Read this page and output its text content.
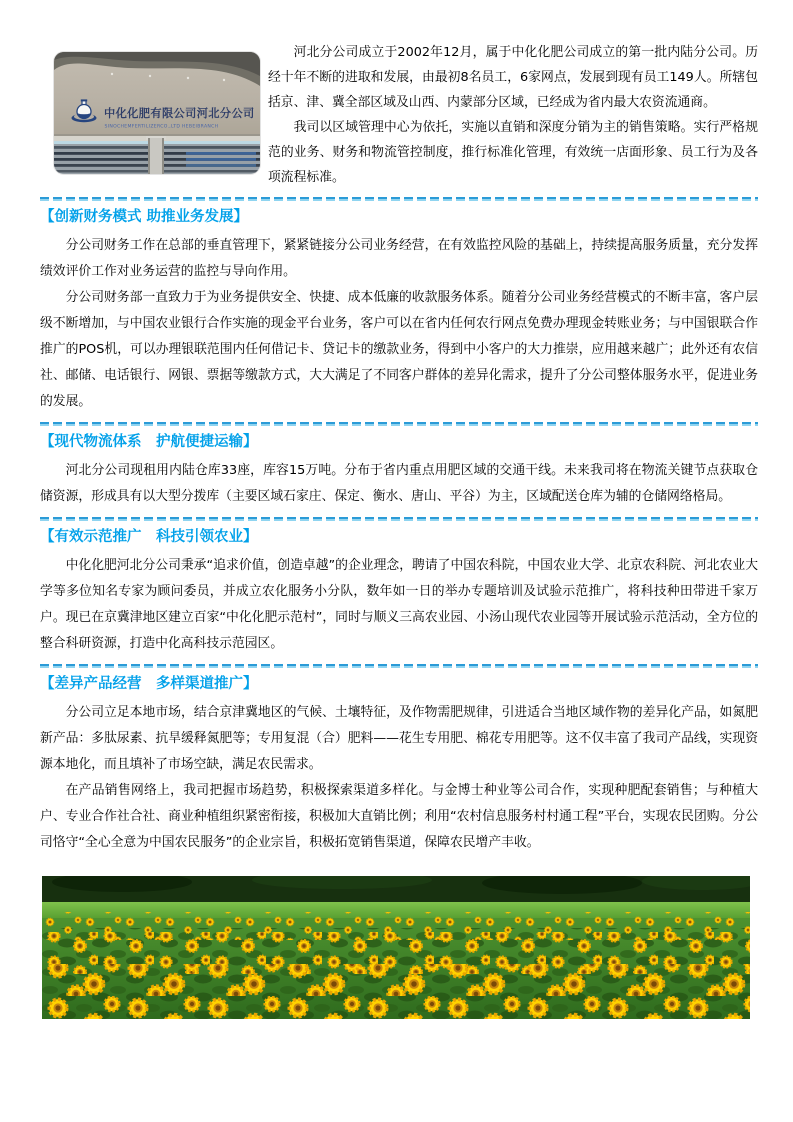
中化化肥有限公司河北分公司
SINOCHEMFERTILIZERCO.,LTD HEBEIBRANCH

河北分公司成立于2002年12月，属于中化化肥公司成立的第一批内陆分公司。历经十年不断的进取和发展，由最初8名员工，6家网点，发展到现有员工149人。所辖包括京、津、冀全部区域及山西、内蒙部分区域，已经成为省内最大农资流通商。

我司以区域管理中心为依托，实施以直销和深度分销为主的销售策略。实行严格规范的业务、财务和物流管控制度，推行标准化管理，有效统一店面形象、员工行为及各项流程标准。

【创新财务模式 助推业务发展】

分公司财务工作在总部的垂直管理下，紧紧链接分公司业务经营，在有效监控风险的基础上，持续提高服务质量，充分发挥绩效评价工作对业务运营的监控与导向作用。

分公司财务部一直致力于为业务提供安全、快捷、成本低廉的收款服务体系。随着分公司业务经营模式的不断丰富，客户层级不断增加，与中国农业银行合作实施的现金平台业务，客户可以在省内任何农行网点免费办理现金转账业务；与中国银联合作推广的POS机，可以办理银联范围内任何借记卡、贷记卡的缴款业务，得到中小客户的大力推崇，应用越来越广；此外还有农信社、邮储、电话银行、网银、票据等缴款方式，大大满足了不同客户群体的差异化需求，提升了分公司整体服务水平，促进业务的发展。

【现代物流体系　护航便捷运输】

河北分公司现租用内陆仓库33座，库容15万吨。分布于省内重点用肥区域的交通干线。未来我司将在物流关键节点获取仓储资源，形成具有以大型分拨库（主要区域石家庄、保定、衡水、唐山、平谷）为主，区域配送仓库为辅的仓储网络格局。

【有效示范推广　科技引领农业】

中化化肥河北分公司秉承“追求价值，创造卓越”的企业理念，聘请了中国农科院，中国农业大学、北京农科院、河北农业大学等多位知名专家为顾问委员，并成立农化服务小分队，数年如一日的举办专题培训及试验示范推广，将科技种田带进千家万户。现已在京冀津地区建立百家“中化化肥示范村”，同时与顺义三高农业园、小汤山现代农业园等开展试验示范活动，全方位的整合科研资源，打造中化高科技示范园区。

【差异产品经营　多样渠道推广】

分公司立足本地市场，结合京津冀地区的气候、土壤特征，及作物需肥规律，引进适合当地区域作物的差异化产品，如氮肥新产品：多肽尿素、抗旱缓释氮肥等；专用复混（合）肥料——花生专用肥、棉花专用肥等。这不仅丰富了我司产品线，实现资源本地化，而且填补了市场空缺，满足农民需求。

在产品销售网络上，我司把握市场趋势，积极探索渠道多样化。与金博士种业等公司合作，实现种肥配套销售；与种植大户、专业合作社合社、商业种植组织紧密衔接，积极加大直销比例；利用“农村信息服务村村通工程”平台，实现农民团购。分公司恪守“全心全意为中国农民服务”的企业宗旨，积极拓宽销售渠道，保障农民增产丰收。
